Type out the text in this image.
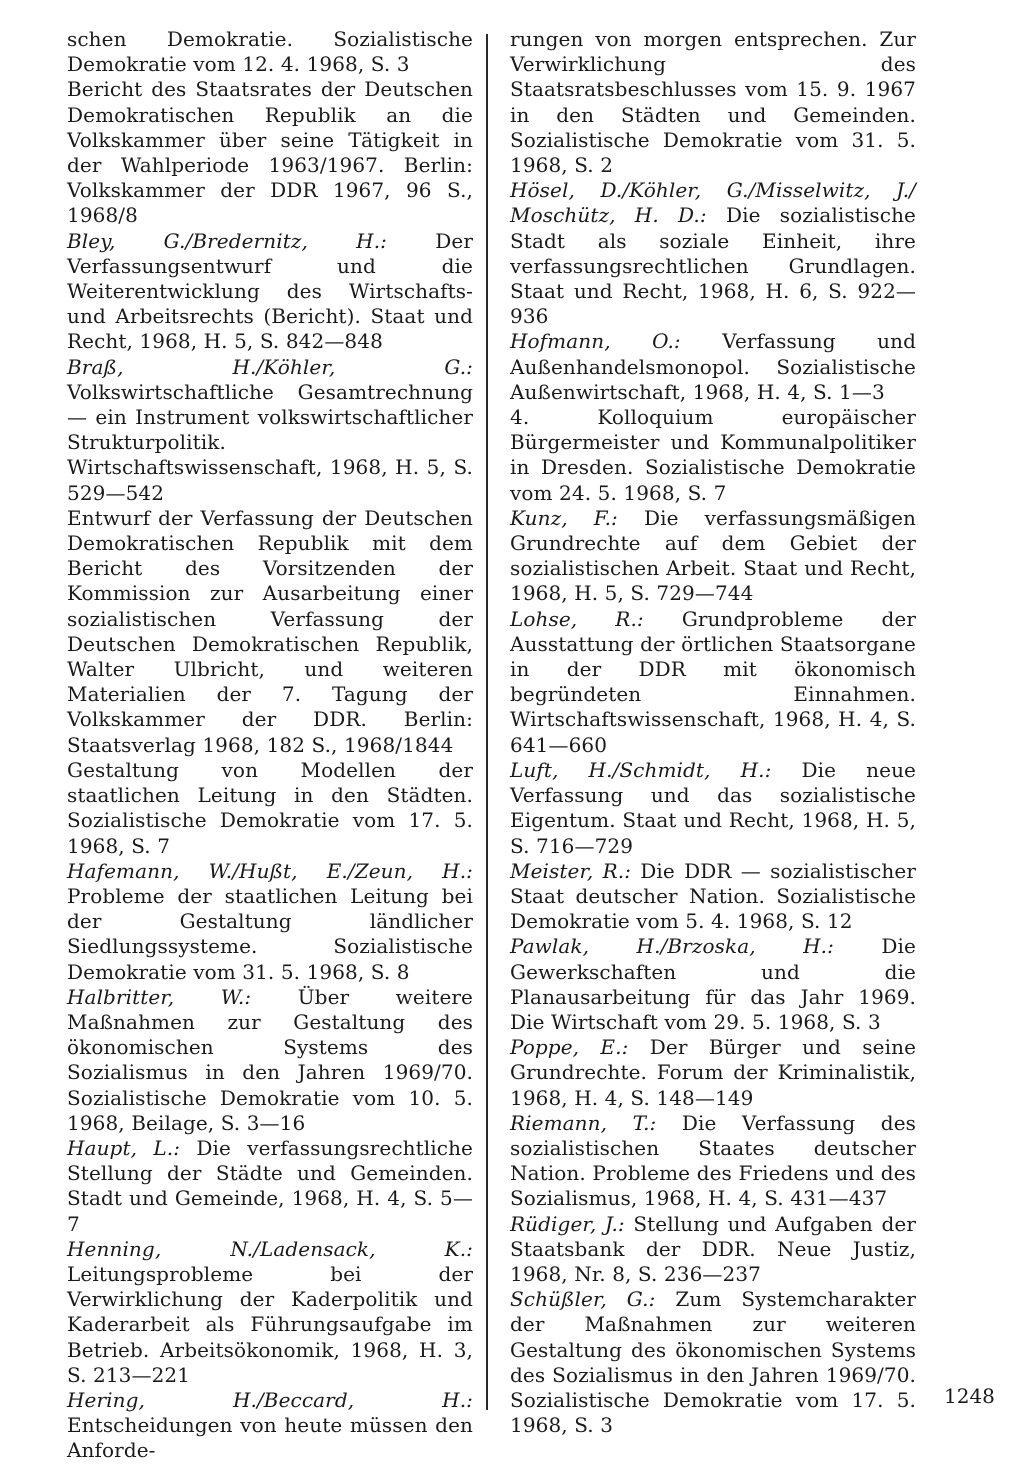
schen Demokratie. Sozialistische Demokratie vom 12. 4. 1968, S. 3

Bericht des Staatsrates der Deutschen Demokratischen Republik an die Volkskammer über seine Tätigkeit in der Wahlperiode 1963/1967. Berlin: Volkskammer der DDR 1967, 96 S., 1968/8

Bley, G./Bredernitz, H.: Der Verfassungsentwurf und die Weiterentwicklung des Wirtschafts- und Arbeitsrechts (Bericht). Staat und Recht, 1968, H. 5, S. 842—848

Braß, H./Köhler, G.: Volkswirtschaftliche Gesamtrechnung — ein Instrument volkswirtschaftlicher Strukturpolitik. Wirtschaftswissenschaft, 1968, H. 5, S. 529—542

Entwurf der Verfassung der Deutschen Demokratischen Republik mit dem Bericht des Vorsitzenden der Kommission zur Ausarbeitung einer sozialistischen Verfassung der Deutschen Demokratischen Republik, Walter Ulbricht, und weiteren Materialien der 7. Tagung der Volkskammer der DDR. Berlin: Staatsverlag 1968, 182 S., 1968/1844

Gestaltung von Modellen der staatlichen Leitung in den Städten. Sozialistische Demokratie vom 17. 5. 1968, S. 7

Hafemann, W./Hußt, E./Zeun, H.: Probleme der staatlichen Leitung bei der Gestaltung ländlicher Siedlungssysteme. Sozialistische Demokratie vom 31. 5. 1968, S. 8

Halbritter, W.: Über weitere Maßnahmen zur Gestaltung des ökonomischen Systems des Sozialismus in den Jahren 1969/70. Sozialistische Demokratie vom 10. 5. 1968, Beilage, S. 3—16

Haupt, L.: Die verfassungsrechtliche Stellung der Städte und Gemeinden. Stadt und Gemeinde, 1968, H. 4, S. 5—7

Henning, N./Ladensack, K.: Leitungsprobleme bei der Verwirklichung der Kaderpolitik und Kaderarbeit als Führungsaufgabe im Betrieb. Arbeitsökonomik, 1968, H. 3, S. 213—221

Hering, H./Beccard, H.: Entscheidungen von heute müssen den Anforde-

rungen von morgen entsprechen. Zur Verwirklichung des Staatsratsbeschlusses vom 15. 9. 1967 in den Städten und Gemeinden. Sozialistische Demokratie vom 31. 5. 1968, S. 2

Hösel, D./Köhler, G./Misselwitz, J./ Moschütz, H. D.: Die sozialistische Stadt als soziale Einheit, ihre verfassungsrechtlichen Grundlagen. Staat und Recht, 1968, H. 6, S. 922—936

Hofmann, O.: Verfassung und Außenhandelsmonopol. Sozialistische Außenwirtschaft, 1968, H. 4, S. 1—3

4. Kolloquium europäischer Bürgermeister und Kommunalpolitiker in Dresden. Sozialistische Demokratie vom 24. 5. 1968, S. 7

Kunz, F.: Die verfassungsmäßigen Grundrechte auf dem Gebiet der sozialistischen Arbeit. Staat und Recht, 1968, H. 5, S. 729—744

Lohse, R.: Grundprobleme der Ausstattung der örtlichen Staatsorgane in der DDR mit ökonomisch begründeten Einnahmen. Wirtschaftswissenschaft, 1968, H. 4, S. 641—660

Luft, H./Schmidt, H.: Die neue Verfassung und das sozialistische Eigentum. Staat und Recht, 1968, H. 5, S. 716—729

Meister, R.: Die DDR — sozialistischer Staat deutscher Nation. Sozialistische Demokratie vom 5. 4. 1968, S. 12

Pawlak, H./Brzoska, H.: Die Gewerkschaften und die Planausarbeitung für das Jahr 1969. Die Wirtschaft vom 29. 5. 1968, S. 3

Poppe, E.: Der Bürger und seine Grundrechte. Forum der Kriminalistik, 1968, H. 4, S. 148—149

Riemann, T.: Die Verfassung des sozialistischen Staates deutscher Nation. Probleme des Friedens und des Sozialismus, 1968, H. 4, S. 431—437

Rüdiger, J.: Stellung und Aufgaben der Staatsbank der DDR. Neue Justiz, 1968, Nr. 8, S. 236—237

Schüßler, G.: Zum Systemcharakter der Maßnahmen zur weiteren Gestaltung des ökonomischen Systems des Sozialismus in den Jahren 1969/70. Sozialistische Demokratie vom 17. 5. 1968, S. 3

1248
